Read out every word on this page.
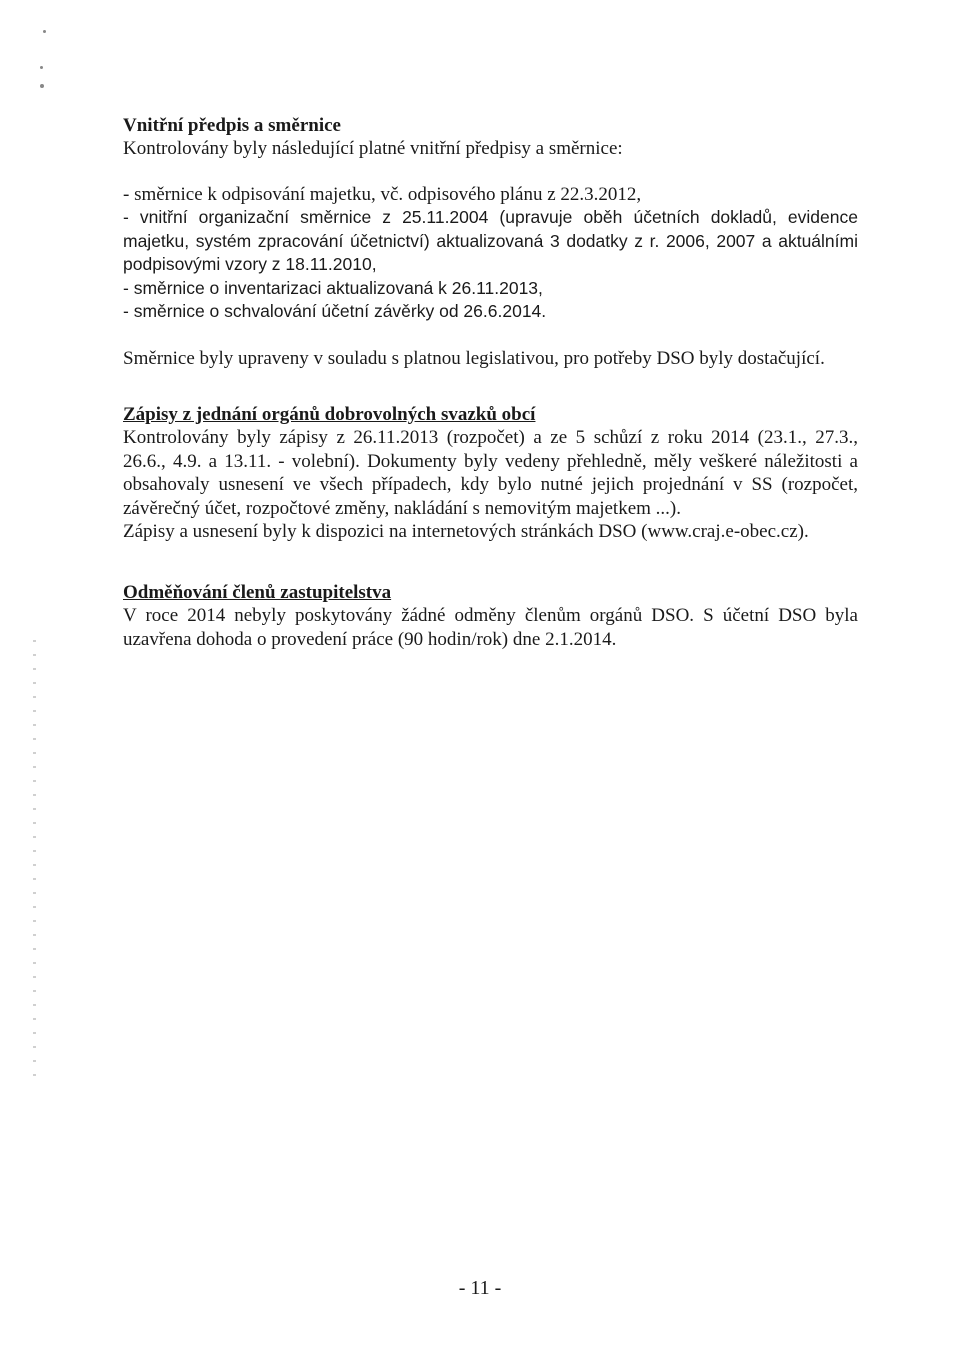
Vnitřní předpis a směrnice

Kontrolovány byly následující platné vnitřní předpisy a směrnice:

- směrnice k odpisování majetku, vč. odpisového plánu z 22.3.2012,

- vnitřní organizační směrnice z 25.11.2004 (upravuje oběh účetních dokladů, evidence

majetku, systém zpracování účetnictví) aktualizovaná 3 dodatky z r. 2006, 2007 a aktuálními

podpisovými vzory z 18.11.2010,

- směrnice o inventarizaci aktualizovaná k 26.11.2013,

- směrnice o schvalování účetní závěrky od 26.6.2014.

Směrnice byly upraveny v souladu s platnou legislativou, pro potřeby DSO byly dostačující.

Zápisy z jednání orgánů dobrovolných svazků obcí

Kontrolovány byly zápisy z 26.11.2013 (rozpočet) a ze 5 schůzí z roku 2014 (23.1., 27.3.,

26.6., 4.9. a 13.11. - volební). Dokumenty byly vedeny přehledně, měly veškeré náležitosti a

obsahovaly usnesení ve všech případech, kdy bylo nutné jejich projednání v SS (rozpočet,

závěrečný účet, rozpočtové změny, nakládání s nemovitým majetkem ...).

Zápisy a usnesení byly k dispozici na internetových stránkách DSO (www.craj.e-obec.cz).

Odměňování členů zastupitelstva

V roce 2014 nebyly poskytovány žádné odměny členům orgánů DSO. S účetní DSO byla

uzavřena dohoda o provedení práce (90 hodin/rok) dne 2.1.2014.

- 11 -
